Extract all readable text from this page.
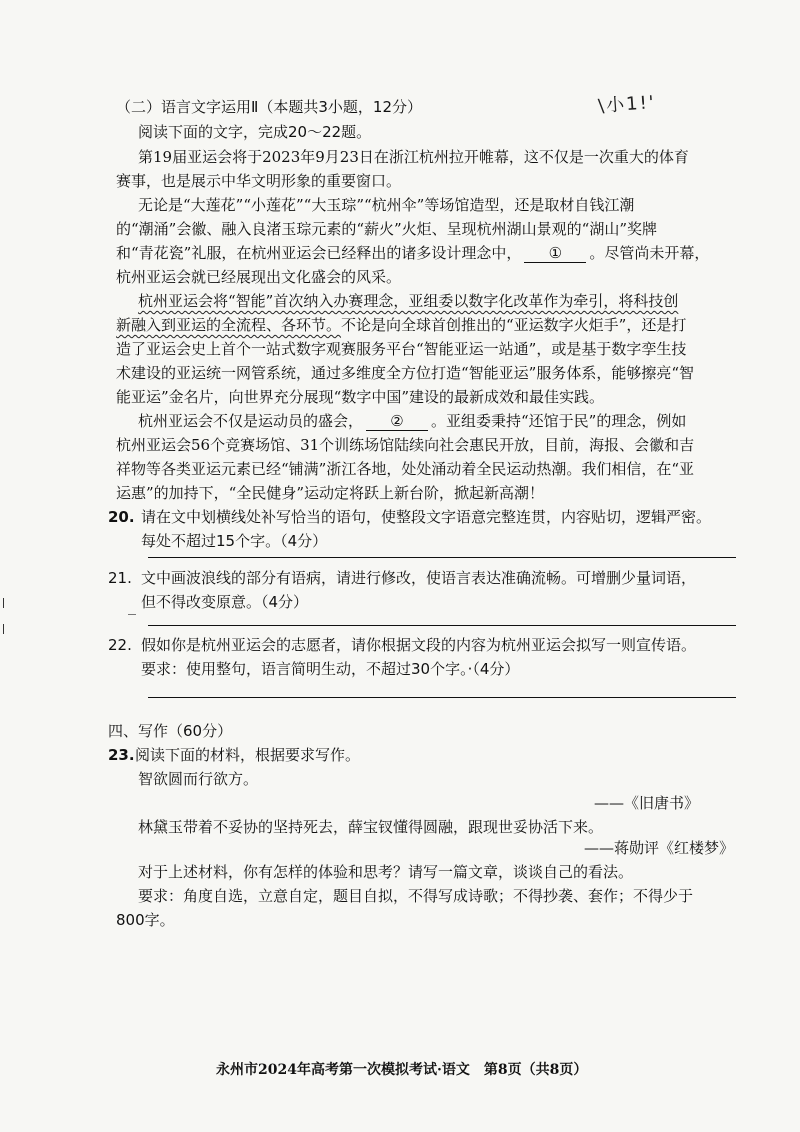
（二）语言文字运用Ⅱ（本题共3小题，12分）	\小1!'
阅读下面的文字，完成20～22题。
第19届亚运会将于2023年9月23日在浙江杭州拉开帷幕，这不仅是一次重大的体育
赛事，也是展示中华文明形象的重要窗口。
无论是“大莲花”“小莲花”“大玉琮”“杭州伞”等场馆造型，还是取材自钱江潮
的“潮涌”会徽、融入良渚玉琮元素的“薪火”火炬、呈现杭州湖山景观的“湖山”奖牌
和“青花瓷”礼服，在杭州亚运会已经释出的诸多设计理念中， ① 。尽管尚未开幕，
杭州亚运会就已经展现出文化盛会的风采。
杭州亚运会将“智能”首次纳入办赛理念，亚组委以数字化改革作为牵引，将科技创
新融入到亚运的全流程、各环节。不论是向全球首创推出的“亚运数字火炬手”，还是打
造了亚运会史上首个一站式数字观赛服务平台“智能亚运一站通”，或是基于数字孪生技
术建设的亚运统一网管系统，通过多维度全方位打造“智能亚运”服务体系，能够擦亮“智
能亚运”金名片，向世界充分展现“数字中国”建设的最新成效和最佳实践。
杭州亚运会不仅是运动员的盛会， ② 。亚组委秉持“还馆于民”的理念，例如
杭州亚运会56个竞赛场馆、31个训练场馆陆续向社会惠民开放，目前，海报、会徽和吉
祥物等各类亚运元素已经“铺满”浙江各地，处处涌动着全民运动热潮。我们相信，在“亚
运惠”的加持下，“全民健身”运动定将跃上新台阶，掀起新高潮！
20. 请在文中划横线处补写恰当的语句，使整段文字语意完整连贯，内容贴切，逻辑严密。
每处不超过15个字。（4分）
21. 文中画波浪线的部分有语病，请进行修改，使语言表达准确流畅。可增删少量词语，
但不得改变原意。（4分）
22. 假如你是杭州亚运会的志愿者，请你根据文段的内容为杭州亚运会拟写一则宣传语。
要求：使用整句，语言简明生动，不超过30个字。·（4分）
四、写作（60分）
23. 阅读下面的材料，根据要求写作。
智欲圆而行欲方。
——《旧唐书》
林黛玉带着不妥协的坚持死去，薛宝钗懂得圆融，跟现世妥协活下来。
——蒋勋评《红楼梦》
对于上述材料，你有怎样的体验和思考？请写一篇文章，谈谈自己的看法。
要求：角度自选，立意自定，题目自拟，不得写成诗歌；不得抄袭、套作；不得少于
800字。
永州市2024年高考第一次模拟考试·语文　第8页（共8页）
